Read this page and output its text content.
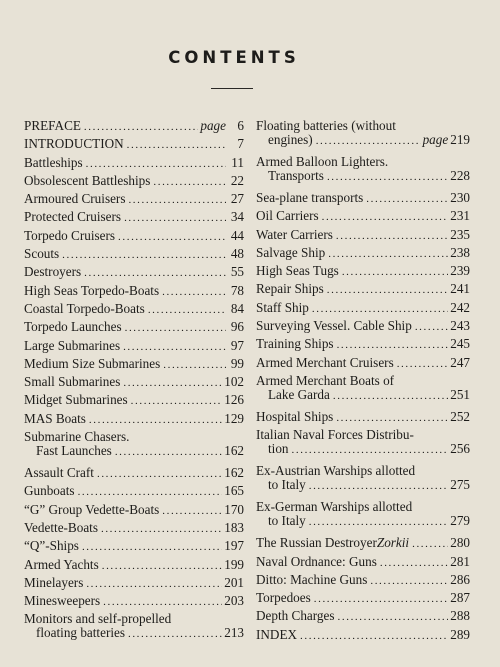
CONTENTS
PREFACE .....	page 6
INTRODUCTION .....	7
Battleships .....	11
Obsolescent Battleships .....	22
Armoured Cruisers .....	27
Protected Cruisers .....	34
Torpedo Cruisers .....	44
Scouts .....	48
Destroyers .....	55
High Seas Torpedo-Boats .....	78
Coastal Torpedo-Boats .....	84
Torpedo Launches .....	96
Large Submarines .....	97
Medium Size Submarines .....	99
Small Submarines .....	102
Midget Submarines .....	126
MAS Boats .....	129
Submarine Chasers.
Fast Launches .....	162
Assault Craft .....	162
Gunboats .....	165
“G” Group Vedette-Boats .....	170
Vedette-Boats .....	183
“Q”-Ships .....	197
Armed Yachts .....	199
Minelayers .....	201
Minesweepers .....	203
Monitors and self-propelled
floating batteries .....	213
Floating batteries (without
engines) .....	page 219
Armed Balloon Lighters.
Transports .....	228
Sea-plane transports .....	230
Oil Carriers .....	231
Water Carriers .....	235
Salvage Ship .....	238
High Seas Tugs .....	239
Repair Ships .....	241
Staff Ship .....	242
Surveying Vessel. Cable Ship .....	243
Training Ships .....	245
Armed Merchant Cruisers .....	247
Armed Merchant Boats of
Lake Garda .....	251
Hospital Ships .....	252
Italian Naval Forces Distribu-
tion .....	256
Ex-Austrian Warships allotted
to Italy .....	275
Ex-German Warships allotted
to Italy .....	279
The Russian Destroyer Zorkii .....	280
Naval Ordnance: Guns .....	281
Ditto: Machine Guns .....	286
Torpedoes .....	287
Depth Charges .....	288
INDEX .....	289
